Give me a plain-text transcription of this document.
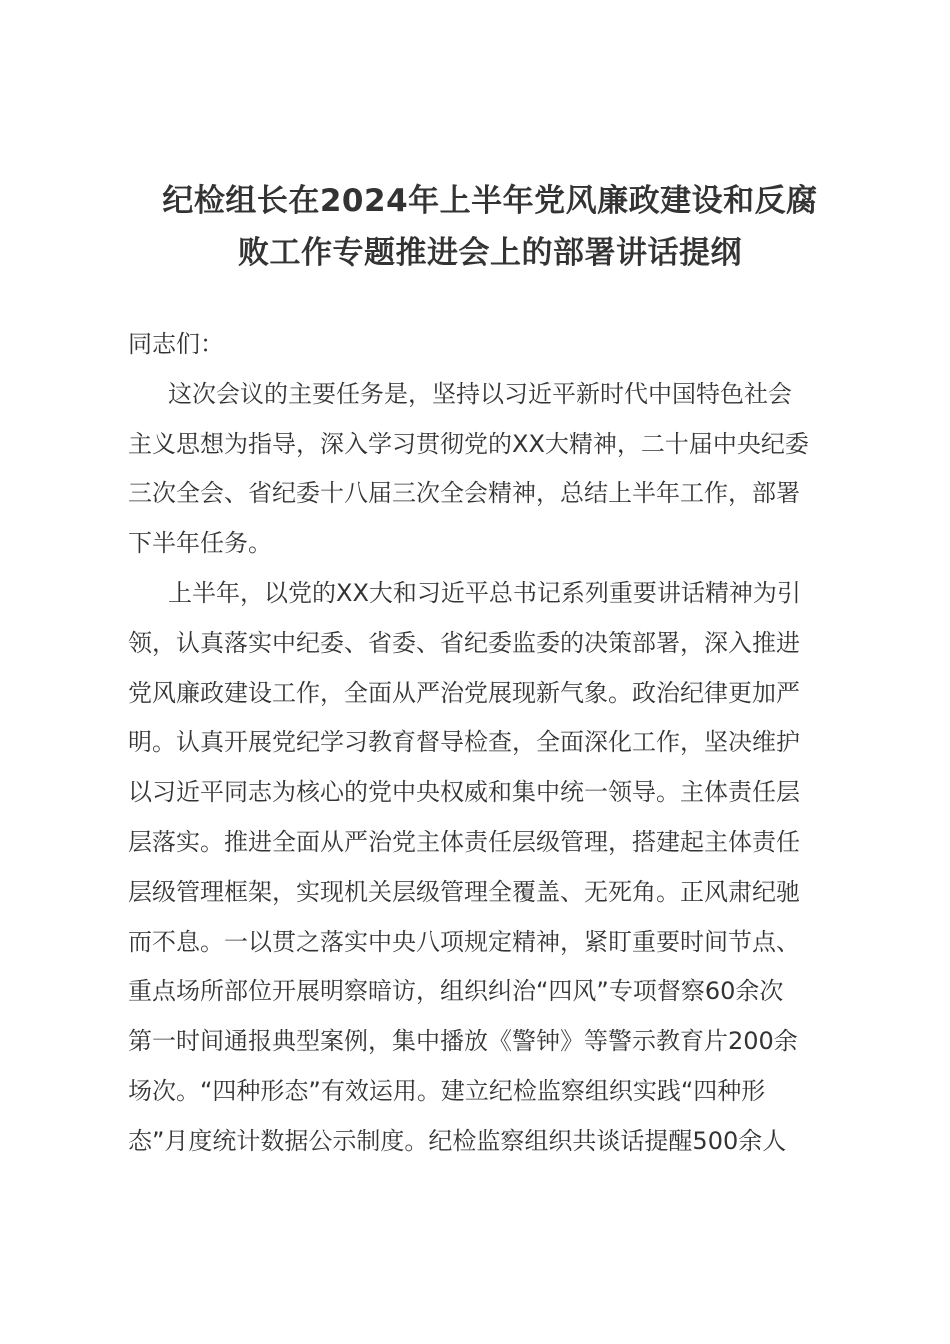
纪检组长在2024年上半年党风廉政建设和反腐
败工作专题推进会上的部署讲话提纲

同志们：

这次会议的主要任务是，坚持以习近平新时代中国特色社会
主义思想为指导，深入学习贯彻党的XX大精神，二十届中央纪委
三次全会、省纪委十八届三次全会精神，总结上半年工作，部署
下半年任务。

上半年，以党的XX大和习近平总书记系列重要讲话精神为引
领，认真落实中纪委、省委、省纪委监委的决策部署，深入推进
党风廉政建设工作，全面从严治党展现新气象。政治纪律更加严
明。认真开展党纪学习教育督导检查，全面深化工作，坚决维护
以习近平同志为核心的党中央权威和集中统一领导。主体责任层
层落实。推进全面从严治党主体责任层级管理，搭建起主体责任
层级管理框架，实现机关层级管理全覆盖、无死角。正风肃纪驰
而不息。一以贯之落实中央八项规定精神，紧盯重要时间节点、
重点场所部位开展明察暗访，组织纠治“四风”专项督察60余次
第一时间通报典型案例，集中播放《警钟》等警示教育片200余
场次。“四种形态”有效运用。建立纪检监察组织实践“四种形
态”月度统计数据公示制度。纪检监察组织共谈话提醒500余人
